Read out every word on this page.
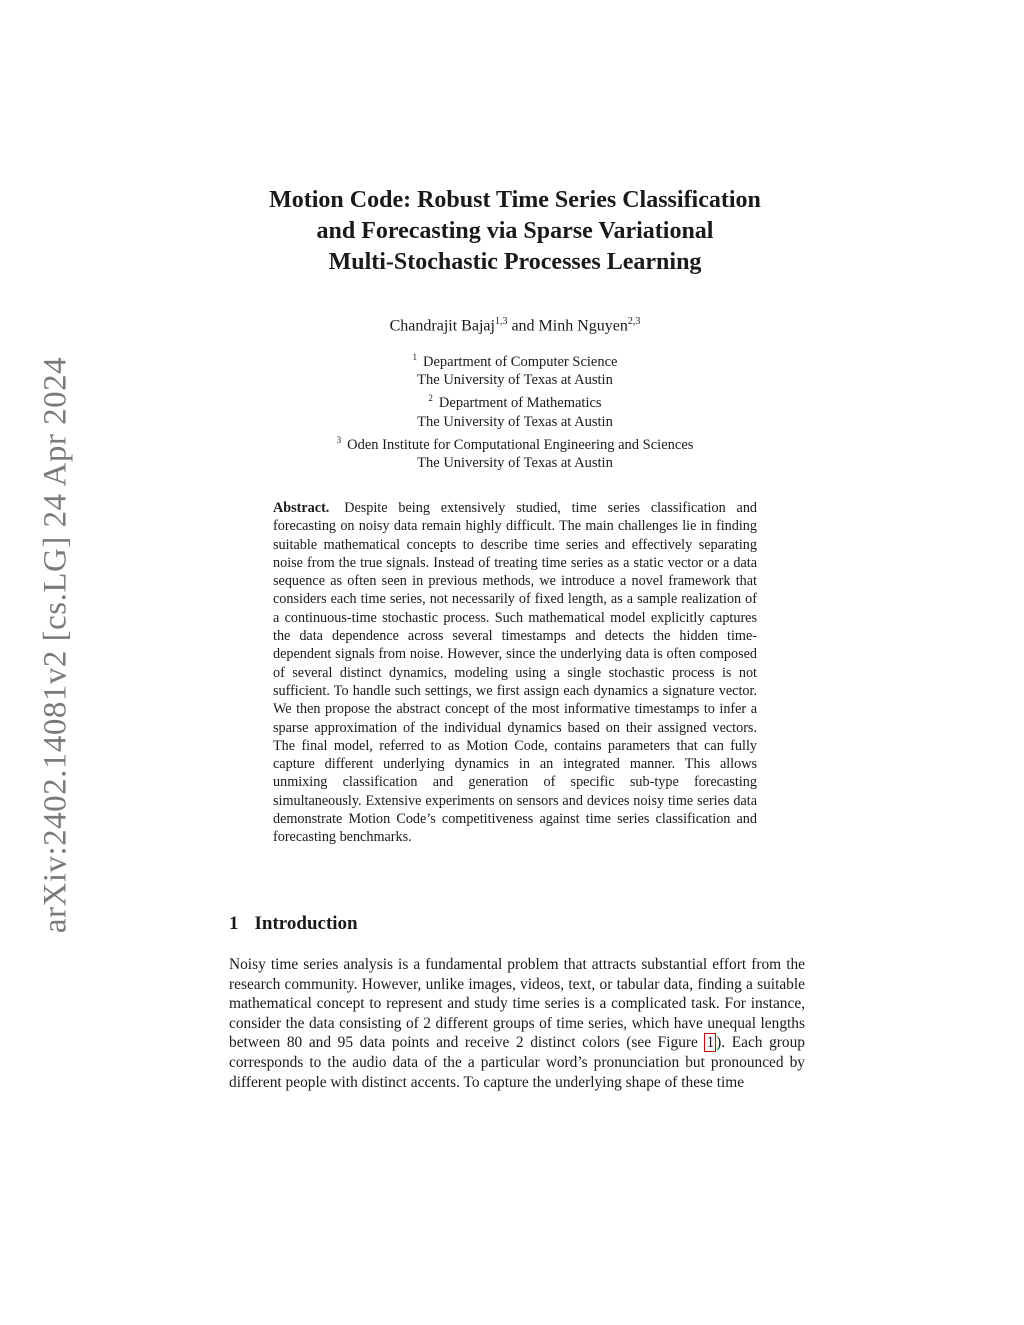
arXiv:2402.14081v2 [cs.LG] 24 Apr 2024
Motion Code: Robust Time Series Classification
and Forecasting via Sparse Variational
Multi-Stochastic Processes Learning
Chandrajit Bajaj$^{1,3}$ and Minh Nguyen$^{2,3}$
$^1$ Department of Computer Science
The University of Texas at Austin
$^2$ Department of Mathematics
The University of Texas at Austin
$^3$ Oden Institute for Computational Engineering and Sciences
The University of Texas at Austin

Abstract. Despite being extensively studied, time series classification and forecasting on noisy data remain highly difficult. The main challenges lie in finding suitable mathematical concepts to describe time series and effectively separating noise from the true signals. Instead of treating time series as a static vector or a data sequence as often seen in previous methods, we introduce a novel framework that considers each time series, not necessarily of fixed length, as a sample realization of a continuous-time stochastic process. Such mathematical model explicitly captures the data dependence across several timestamps and detects the hidden time-dependent signals from noise. However, since the underlying data is often composed of several distinct dynamics, modeling using a single stochastic process is not sufficient. To handle such settings, we first assign each dynamics a signature vector. We then propose the abstract concept of the most informative timestamps to infer a sparse approximation of the individual dynamics based on their assigned vectors. The final model, referred to as Motion Code, contains parameters that can fully capture different underlying dynamics in an integrated manner. This allows unmixing classification and generation of specific sub-type forecasting simultaneously. Extensive experiments on sensors and devices noisy time series data demonstrate Motion Code’s competitiveness against time series classification and forecasting benchmarks.

1 Introduction

Noisy time series analysis is a fundamental problem that attracts substantial effort from the research community. However, unlike images, videos, text, or tabular data, finding a suitable mathematical concept to represent and study time series is a complicated task. For instance, consider the data consisting of 2 different groups of time series, which have unequal lengths between 80 and 95 data points and receive 2 distinct colors (see Figure 1 ). Each group corresponds to the audio data of the a particular word’s pronunciation but pronounced by different people with distinct accents. To capture the underlying shape of these time
